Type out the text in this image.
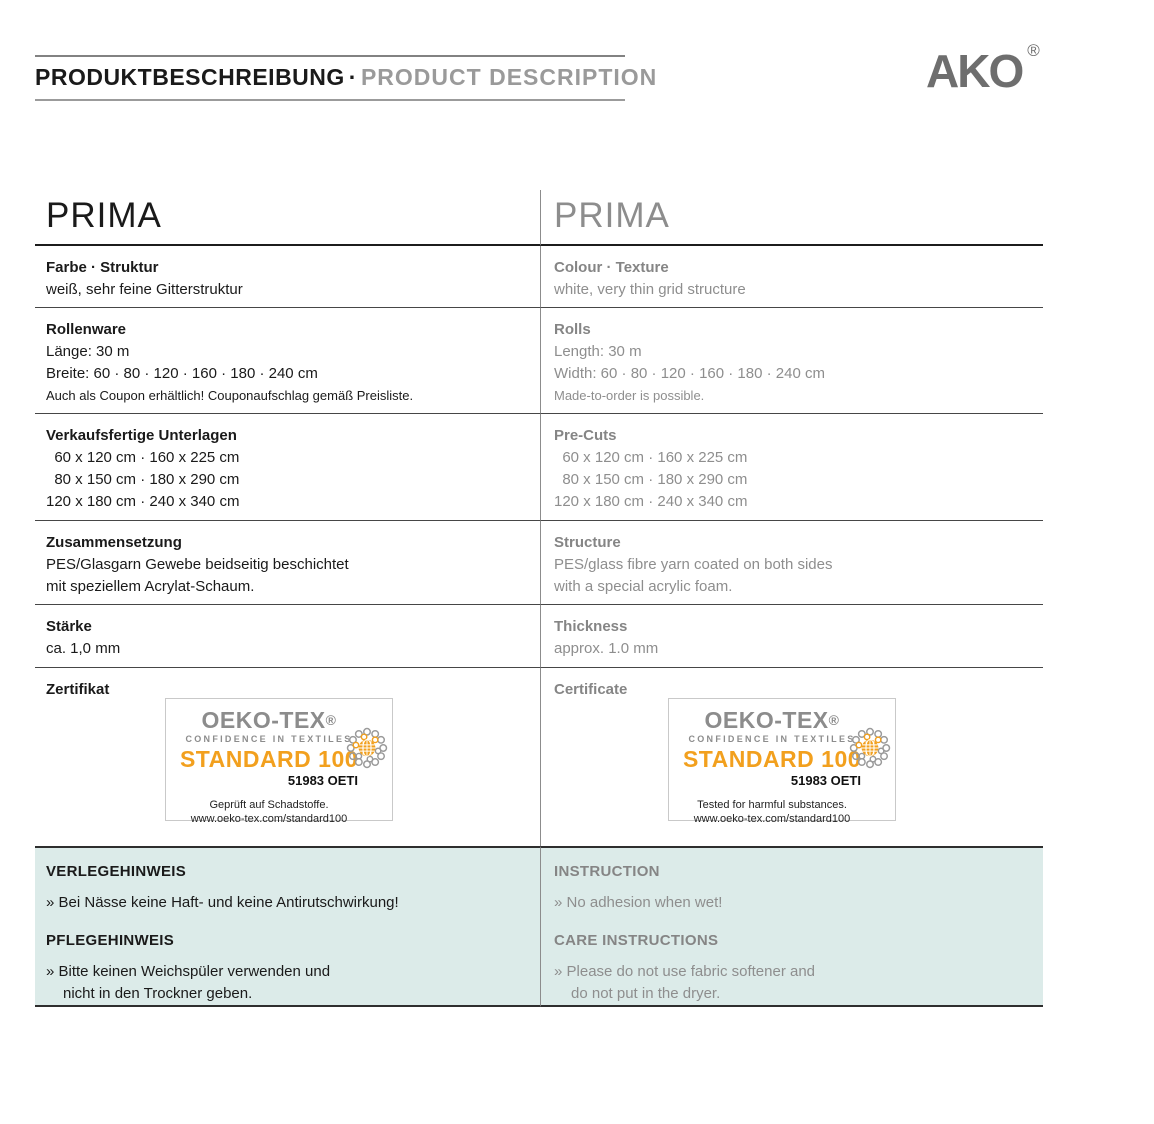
PRODUKTBESCHREIBUNG · PRODUCT DESCRIPTION	AKO ®
PRIMA	PRIMA
Farbe · Struktur

weiß, sehr feine Gitterstruktur

Colour · Texture

white, very thin grid structure

Rollenware

Länge: 30 m

Breite: 60 · 80 · 120 · 160 · 180 · 240 cm

Auch als Coupon erhältlich! Couponaufschlag gemäß Preisliste.

Rolls

Length: 30 m

Width: 60 · 80 · 120 · 160 · 180 · 240 cm

Made-to-order is possible.

Verkaufsfertige Unterlagen

60 x 120 cm · 160 x 225 cm

80 x 150 cm · 180 x 290 cm

120 x 180 cm · 240 x 340 cm

Pre-Cuts

60 x 120 cm · 160 x 225 cm

80 x 150 cm · 180 x 290 cm

120 x 180 cm · 240 x 340 cm

Zusammensetzung

PES/Glasgarn Gewebe beidseitig beschichtet

mit speziellem Acrylat-Schaum.

Structure

PES/glass fibre yarn coated on both sides

with a special acrylic foam.

Stärke

ca. 1,0 mm

Thickness

approx. 1.0 mm

Zertifikat
OEKO-TEX®
CONFIDENCE IN TEXTILES
STANDARD 100
51983 OETI
Geprüft auf Schadstoffe.
www.oeko-tex.com/standard100
Certificate
OEKO-TEX®
CONFIDENCE IN TEXTILES
STANDARD 100
51983 OETI
Tested for harmful substances.
www.oeko-tex.com/standard100
VERLEGEHINWEIS

» Bei Nässe keine Haft- und keine Antirutschwirkung!

PFLEGEHINWEIS

» Bitte keinen Weichspüler verwenden und

nicht in den Trockner geben.

INSTRUCTION

» No adhesion when wet!

CARE INSTRUCTIONS

» Please do not use fabric softener and

do not put in the dryer.
